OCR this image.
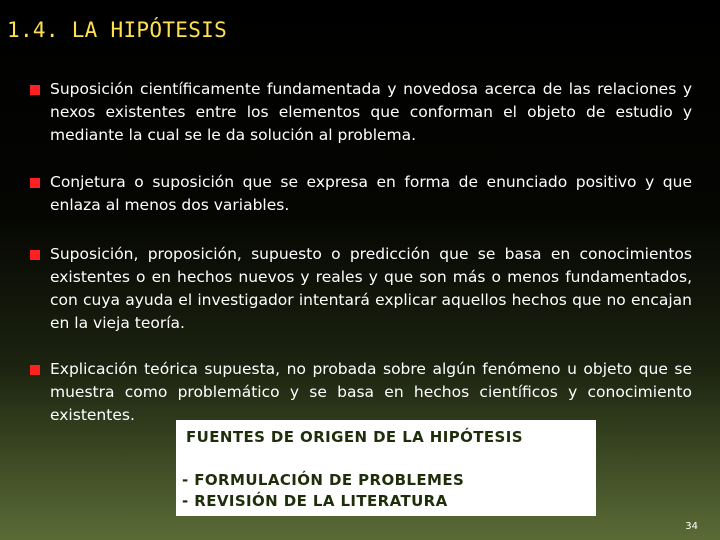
1.4. LA HIPÓTESIS
Suposición científicamente fundamentada y novedosa acerca de las relaciones y nexos existentes entre los elementos que conforman el objeto de estudio y mediante la cual se le da solución al problema.
Conjetura o suposición que se expresa en forma de enunciado positivo y que enlaza al menos dos variables.
Suposición, proposición, supuesto o predicción que se basa en conocimientos existentes o en hechos nuevos y reales y que son más o menos fundamentados, con cuya ayuda el investigador intentará explicar aquellos hechos que no encajan en la vieja teoría.
Explicación teórica supuesta, no probada sobre algún fenómeno u objeto que se muestra como problemático y se basa en hechos científicos y conocimiento existentes.
FUENTES DE ORIGEN DE LA HIPÓTESIS
- FORMULACIÓN DE PROBLEMES
- REVISIÓN DE LA LITERATURA
34
